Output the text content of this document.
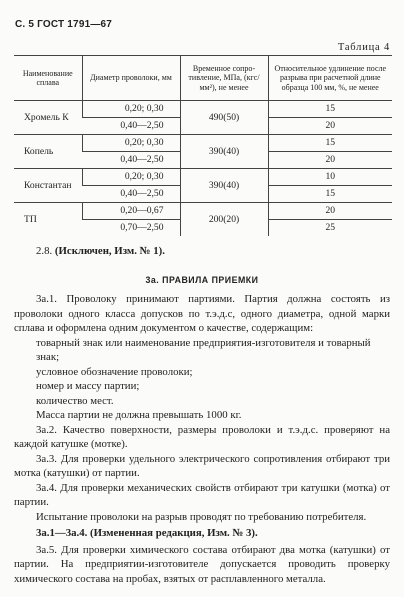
С. 5 ГОСТ 1791—67
Таблица 4
Наименование сплава	Диаметр проволоки, мм	Временное сопротивление, МПа, (кгс/мм²), не менее	Относительное удлинение после разрыва при расчетной длине образца 100 мм, %, не менее
Хромель К	0,20; 0,30	490(50)	15
	0,40—2,50		20
Копель	0,20; 0,30	390(40)	15
	0,40—2,50		20
Константан	0,20; 0,30	390(40)	10
	0,40—2,50		15
ТП	0,20—0,67	200(20)	20
	0,70—2,50		25

2.8. (Исключен, Изм. № 1).

3а. ПРАВИЛА ПРИЕМКИ

3а.1. Проволоку принимают партиями. Партия должна состоять из проволоки одного класса допусков по т.э.д.с, одного диаметра, одной марки сплава и оформлена одним документом о качестве, содержащим:

товарный знак или наименование предприятия-изготовителя и товарный знак;

условное обозначение проволоки;

номер и массу партии;

количество мест.

Масса партии не должна превышать 1000 кг.

3а.2. Качество поверхности, размеры проволоки и т.э.д.с. проверяют на каждой катушке (мотке).

3а.3. Для проверки удельного электрического сопротивления отбирают три мотка (катушки) от партии.

3а.4. Для проверки механических свойств отбирают три катушки (мотка) от партии.

Испытание проволоки на разрыв проводят по требованию потребителя.

3а.1—3а.4. (Измененная редакция, Изм. № 3).

3а.5. Для проверки химического состава отбирают два мотка (катушки) от партии. На предприятии-изготовителе допускается проводить проверку химического состава на пробах, взятых от расплавленного металла.
